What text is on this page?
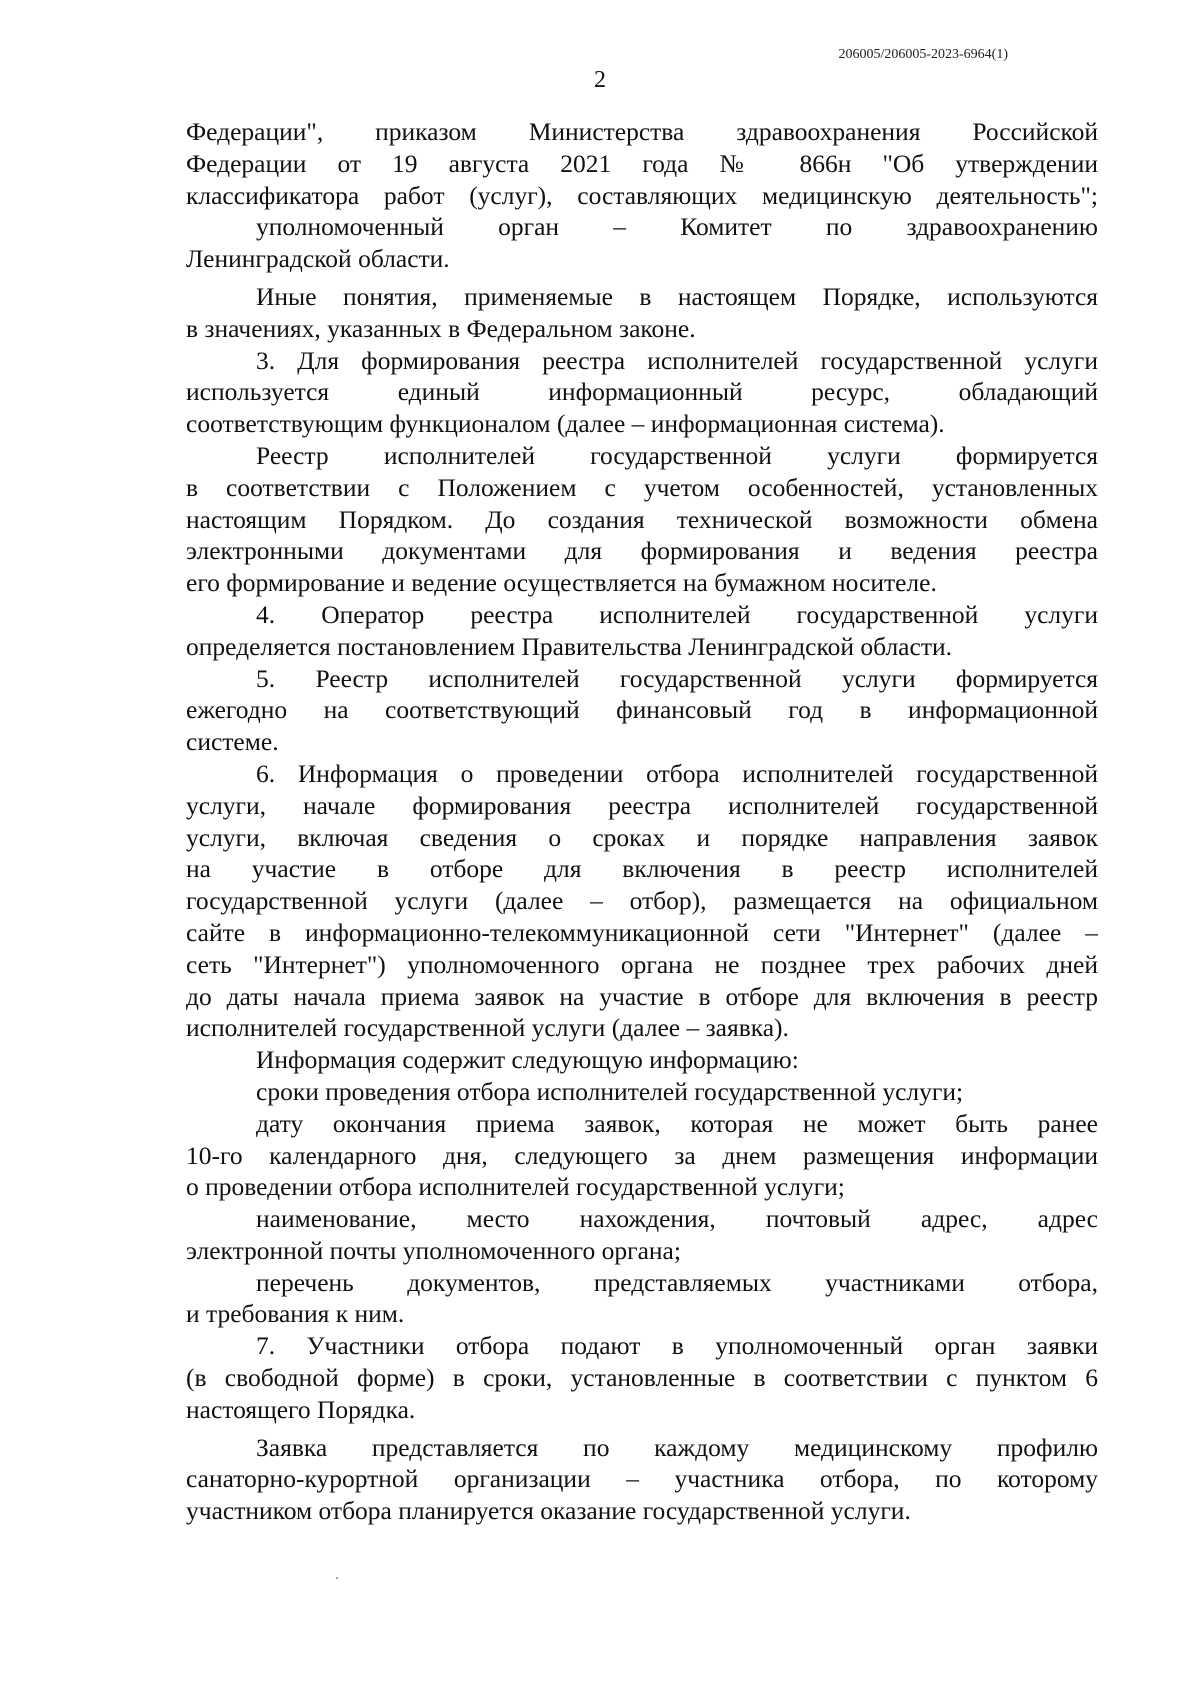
206005/206005-2023-6964(1)
2
Федерации", приказом Министерства здравоохранения Российской
Федерации от 19 августа 2021 года № 866н "Об утверждении
классификатора работ (услуг), составляющих медицинскую деятельность";
уполномоченный орган – Комитет по здравоохранению
Ленинградской области.
Иные понятия, применяемые в настоящем Порядке, используются
в значениях, указанных в Федеральном законе.
3. Для формирования реестра исполнителей государственной услуги
используется единый информационный ресурс, обладающий
соответствующим функционалом (далее – информационная система).
Реестр исполнителей государственной услуги формируется
в соответствии с Положением с учетом особенностей, установленных
настоящим Порядком. До создания технической возможности обмена
электронными документами для формирования и ведения реестра
его формирование и ведение осуществляется на бумажном носителе.
4. Оператор реестра исполнителей государственной услуги
определяется постановлением Правительства Ленинградской области.
5. Реестр исполнителей государственной услуги формируется
ежегодно на соответствующий финансовый год в информационной
системе.
6. Информация о проведении отбора исполнителей государственной
услуги, начале формирования реестра исполнителей государственной
услуги, включая сведения о сроках и порядке направления заявок
на участие в отборе для включения в реестр исполнителей
государственной услуги (далее – отбор), размещается на официальном
сайте в информационно-телекоммуникационной сети "Интернет" (далее –
сеть "Интернет") уполномоченного органа не позднее трех рабочих дней
до даты начала приема заявок на участие в отборе для включения в реестр
исполнителей государственной услуги (далее – заявка).
Информация содержит следующую информацию:
сроки проведения отбора исполнителей государственной услуги;
дату окончания приема заявок, которая не может быть ранее
10-го календарного дня, следующего за днем размещения информации
о проведении отбора исполнителей государственной услуги;
наименование, место нахождения, почтовый адрес, адрес
электронной почты уполномоченного органа;
перечень документов, представляемых участниками отбора,
и требования к ним.
7. Участники отбора подают в уполномоченный орган заявки
(в свободной форме) в сроки, установленные в соответствии с пунктом 6
настоящего Порядка.
Заявка представляется по каждому медицинскому профилю
санаторно-курортной организации – участника отбора, по которому
участником отбора планируется оказание государственной услуги.
